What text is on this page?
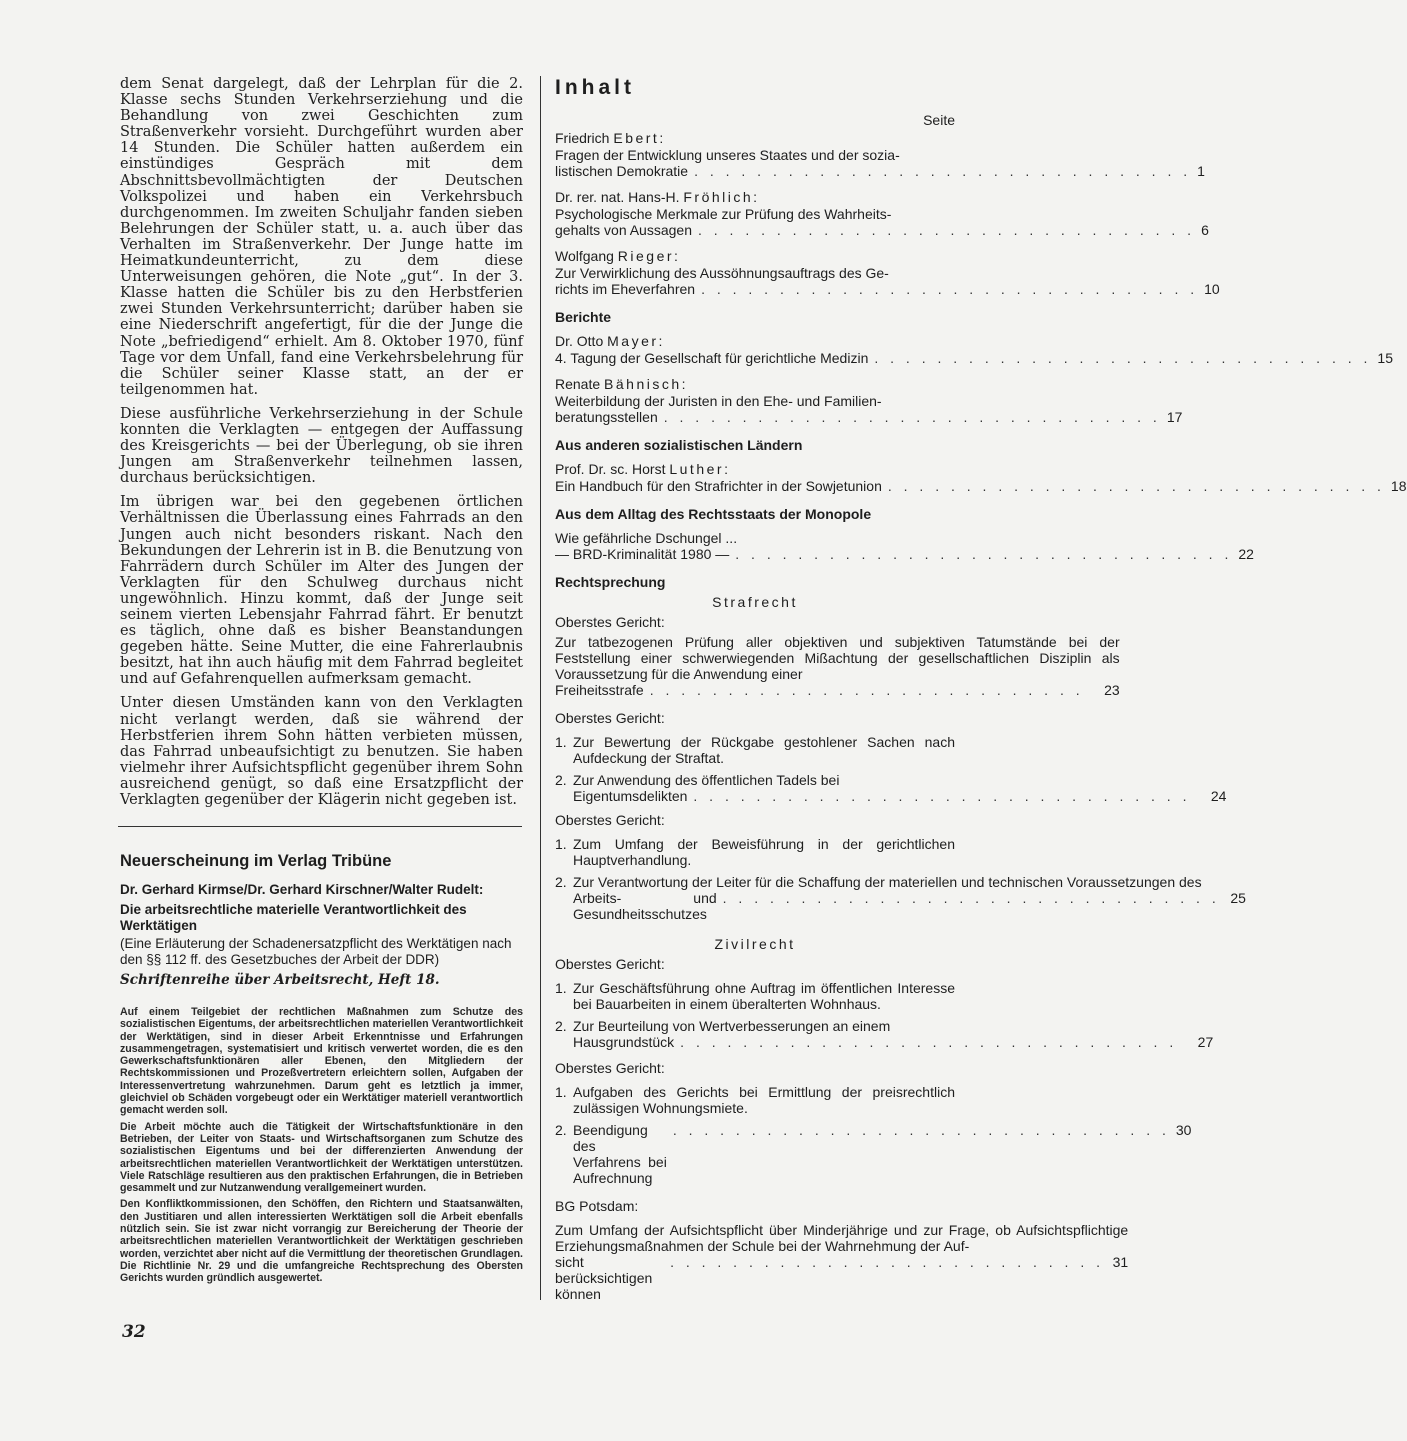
dem Senat dargelegt, daß der Lehrplan für die 2. Klasse sechs Stunden Verkehrserziehung und die Behandlung von zwei Geschichten zum Straßenverkehr vorsieht. Durchgeführt wurden aber 14 Stunden. Die Schüler hatten außerdem ein einstündiges Gespräch mit dem Abschnittsbevollmächtigten der Deutschen Volkspolizei und haben ein Verkehrsbuch durchgenommen. Im zweiten Schuljahr fanden sieben Belehrungen der Schüler statt, u. a. auch über das Verhalten im Straßenverkehr. Der Junge hatte im Heimatkundeunterricht, zu dem diese Unterweisungen gehören, die Note „gut“. In der 3. Klasse hatten die Schüler bis zu den Herbstferien zwei Stunden Verkehrsunterricht; darüber haben sie eine Niederschrift angefertigt, für die der Junge die Note „befriedigend“ erhielt. Am 8. Oktober 1970, fünf Tage vor dem Unfall, fand eine Verkehrsbelehrung für die Schüler seiner Klasse statt, an der er teilgenommen hat.

Diese ausführliche Verkehrserziehung in der Schule konnten die Verklagten — entgegen der Auffassung des Kreisgerichts — bei der Überlegung, ob sie ihren Jungen am Straßenverkehr teilnehmen lassen, durchaus berücksichtigen.

Im übrigen war bei den gegebenen örtlichen Verhältnissen die Überlassung eines Fahrrads an den Jungen auch nicht besonders riskant. Nach den Bekundungen der Lehrerin ist in B. die Benutzung von Fahrrädern durch Schüler im Alter des Jungen der Verklagten für den Schulweg durchaus nicht ungewöhnlich. Hinzu kommt, daß der Junge seit seinem vierten Lebensjahr Fahrrad fährt. Er benutzt es täglich, ohne daß es bisher Beanstandungen gegeben hätte. Seine Mutter, die eine Fahrerlaubnis besitzt, hat ihn auch häufig mit dem Fahrrad begleitet und auf Gefahrenquellen aufmerksam gemacht.

Unter diesen Umständen kann von den Verklagten nicht verlangt werden, daß sie während der Herbstferien ihrem Sohn hätten verbieten müssen, das Fahrrad unbeaufsichtigt zu benutzen. Sie haben vielmehr ihrer Aufsichtspflicht gegenüber ihrem Sohn ausreichend genügt, so daß eine Ersatzpflicht der Verklagten gegenüber der Klägerin nicht gegeben ist.

Neuerscheinung im Verlag Tribüne
Dr. Gerhard Kirmse/Dr. Gerhard Kirschner/Walter Rudelt:
Die arbeitsrechtliche materielle Verantwortlichkeit des Werktätigen
(Eine Erläuterung der Schadenersatzpflicht des Werktätigen nach den §§ 112 ff. des Gesetzbuches der Arbeit der DDR)
Schriftenreihe über Arbeitsrecht, Heft 18.

Auf einem Teilgebiet der rechtlichen Maßnahmen zum Schutze des sozialistischen Eigentums, der arbeitsrechtlichen materiellen Verantwortlichkeit der Werktätigen, sind in dieser Arbeit Erkenntnisse und Erfahrungen zusammengetragen, systematisiert und kritisch verwertet worden, die es den Gewerkschaftsfunktionären aller Ebenen, den Mitgliedern der Rechtskommissionen und Prozeßvertretern erleichtern sollen, Aufgaben der Interessenvertretung wahrzunehmen. Darum geht es letztlich ja immer, gleichviel ob Schäden vorgebeugt oder ein Werktätiger materiell verantwortlich gemacht werden soll.

Die Arbeit möchte auch die Tätigkeit der Wirtschaftsfunktionäre in den Betrieben, der Leiter von Staats- und Wirtschaftsorganen zum Schutze des sozialistischen Eigentums und bei der differenzierten Anwendung der arbeitsrechtlichen materiellen Verantwortlichkeit der Werktätigen unterstützen. Viele Ratschläge resultieren aus den praktischen Erfahrungen, die in Betrieben gesammelt und zur Nutzanwendung verallgemeinert wurden.

Den Konfliktkommissionen, den Schöffen, den Richtern und Staatsanwälten, den Justitiaren und allen interessierten Werktätigen soll die Arbeit ebenfalls nützlich sein. Sie ist zwar nicht vorrangig zur Bereicherung der Theorie der arbeitsrechtlichen materiellen Verantwortlichkeit der Werktätigen geschrieben worden, verzichtet aber nicht auf die Vermittlung der theoretischen Grundlagen. Die Richtlinie Nr. 29 und die umfangreiche Rechtsprechung des Obersten Gerichts wurden gründlich ausgewertet.

32
Inhalt
Seite
Friedrich Ebert:
Fragen der Entwicklung unseres Staates und der sozia-
listischen Demokratie . . . . . . . . . . . . . . . . . . . . . . . . . . . . . . . . 1
Dr. rer. nat. Hans-H. Fröhlich:
Psychologische Merkmale zur Prüfung des Wahrheits-
gehalts von Aussagen . . . . . . . . . . . . . . . . . . . . . . . . . . . . . . . . 6
Wolfgang Rieger:
Zur Verwirklichung des Aussöhnungsauftrags des Ge-
richts im Eheverfahren . . . . . . . . . . . . . . . . . . . . . . . . . . . . . . . . 10
Berichte
Dr. Otto Mayer:
4. Tagung der Gesellschaft für gerichtliche Medizin . . . . . . . . . . . . . . . . . . . . . . . . . . . . . . . . 15
Renate Bähnisch:
Weiterbildung der Juristen in den Ehe- und Familien-
beratungsstellen . . . . . . . . . . . . . . . . . . . . . . . . . . . . . . . . 17
Aus anderen sozialistischen Ländern
Prof. Dr. sc. Horst Luther:
Ein Handbuch für den Strafrichter in der Sowjetunion . . . . . . . . . . . . . . . . . . . . . . . . . . . . . . . . 18
Aus dem Alltag des Rechtsstaats der Monopole
Wie gefährliche Dschungel ...
— BRD-Kriminalität 1980 — . . . . . . . . . . . . . . . . . . . . . . . . . . . . . . . . 22
Rechtsprechung
Strafrecht
Oberstes Gericht:
Zur tatbezogenen Prüfung aller objektiven und subjektiven Tatumstände bei der Feststellung einer schwerwiegenden Mißachtung der gesellschaftlichen Disziplin als Voraussetzung für die Anwendung einer
Freiheitsstrafe . . . . . . . . . . . . . . . . . . . . . . . . . . . .	23
Oberstes Gericht:
1. Zur Bewertung der Rückgabe gestohlener Sachen nach Aufdeckung der Straftat.
2. Zur Anwendung des öffentlichen Tadels bei
Eigentumsdelikten . . . . . . . . . . . . . . . . . . . . . . . . . . . . . . . .	24
Oberstes Gericht:
1. Zum Umfang der Beweisführung in der gerichtlichen Hauptverhandlung.
2. Zur Verantwortung der Leiter für die Schaffung der materiellen und technischen Voraussetzungen des
Arbeits- und Gesundheitsschutzes
. . . . . . . . . . . . . . . . . . . . . . . . . . . . . . . . 25
Zivilrecht
Oberstes Gericht:
1. Zur Geschäftsführung ohne Auftrag im öffentlichen Interesse bei Bauarbeiten in einem überalterten Wohnhaus.
2. Zur Beurteilung von Wertverbesserungen an einem
Hausgrundstück . . . . . . . . . . . . . . . . . . . . . . . . . . . . . . . .	27
Oberstes Gericht:
1. Aufgaben des Gerichts bei Ermittlung der preisrechtlich zulässigen Wohnungsmiete.
2. Beendigung des Verfahrens bei Aufrechnung
. . . . . . . . . . . . . . . . . . . . . . . . . . . . . . . . 30
BG Potsdam:
Zum Umfang der Aufsichtspflicht über Minderjährige und zur Frage, ob Aufsichtspflichtige Erziehungsmaßnahmen der Schule bei der Wahrnehmung der Auf-
sicht berücksichtigen können
. . . . . . . . . . . . . . . . . . . . . . . . . . . . 31
